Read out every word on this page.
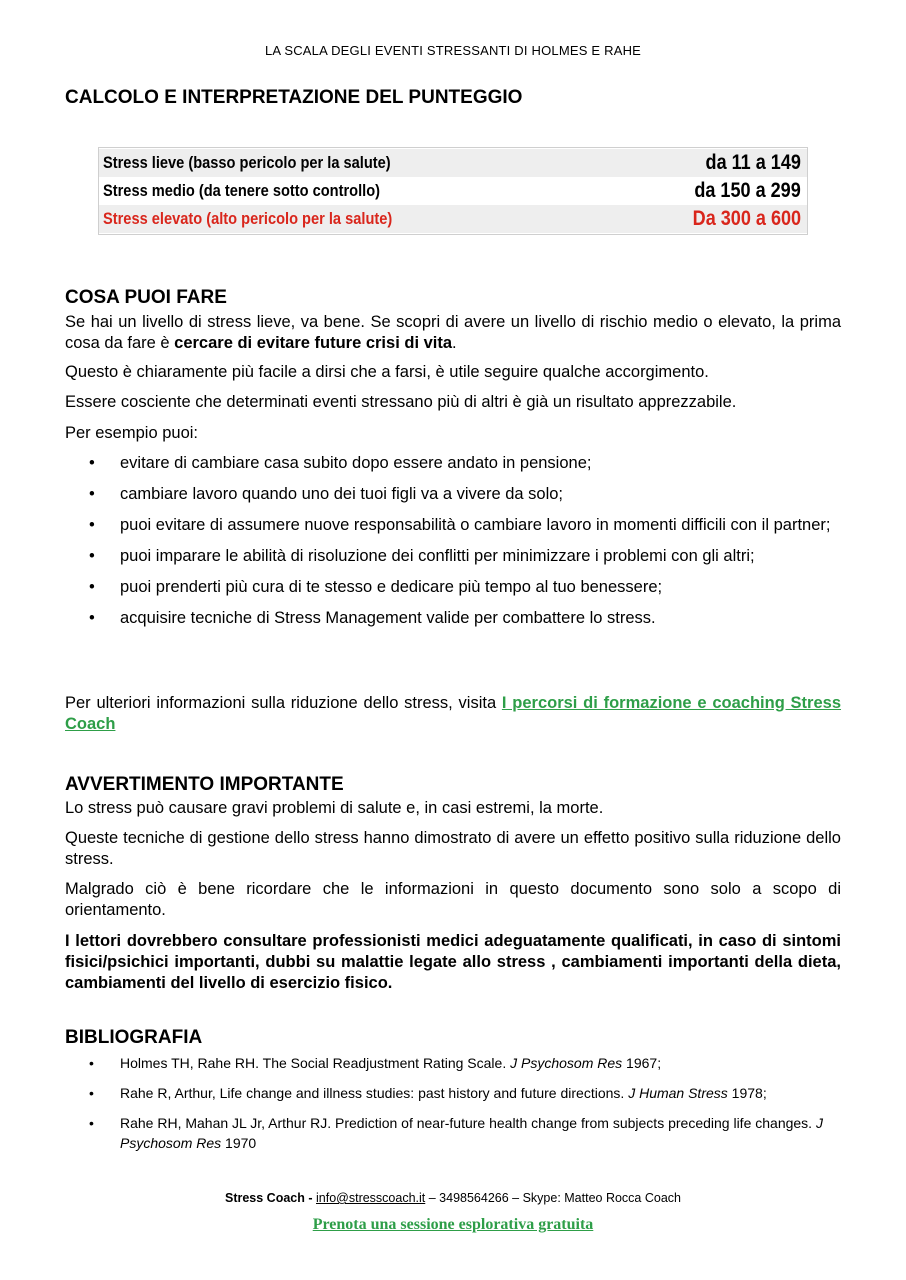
LA SCALA DEGLI EVENTI STRESSANTI DI HOLMES E RAHE
CALCOLO E INTERPRETAZIONE DEL PUNTEGGIO
Stress lieve (basso pericolo per la salute)	da 11 a 149
Stress medio (da tenere sotto controllo)	da 150 a 299
Stress elevato (alto pericolo per la salute)	Da 300 a 600
COSA PUOI FARE

Se hai un livello di stress lieve, va bene. Se scopri di avere un livello di rischio medio o elevato, la prima cosa da fare è cercare di evitare future crisi di vita.

Questo è chiaramente più facile a dirsi che a farsi, è utile seguire qualche accorgimento.

Essere cosciente che determinati eventi stressano più di altri è già un risultato apprezzabile.

Per esempio puoi:

• evitare di cambiare casa subito dopo essere andato in pensione;
• cambiare lavoro quando uno dei tuoi figli va a vivere da solo;
• puoi evitare di assumere nuove responsabilità o cambiare lavoro in momenti difficili con il partner;
• puoi imparare le abilità di risoluzione dei conflitti per minimizzare i problemi con gli altri;
• puoi prenderti più cura di te stesso e dedicare più tempo al tuo benessere;
• acquisire tecniche di Stress Management valide per combattere lo stress.

Per ulteriori informazioni sulla riduzione dello stress, visita I percorsi di formazione e coaching Stress Coach

AVVERTIMENTO IMPORTANTE

Lo stress può causare gravi problemi di salute e, in casi estremi, la morte.

Queste tecniche di gestione dello stress hanno dimostrato di avere un effetto positivo sulla riduzione dello stress.

Malgrado ciò è bene ricordare che le informazioni in questo documento sono solo a scopo di orientamento.

I lettori dovrebbero consultare professionisti medici adeguatamente qualificati, in caso di sintomi fisici/psichici importanti, dubbi su malattie legate allo stress , cambiamenti importanti della dieta, cambiamenti del livello di esercizio fisico.

BIBLIOGRAFIA
• Holmes TH, Rahe RH. The Social Readjustment Rating Scale. J Psychosom Res 1967;
• Rahe R, Arthur, Life change and illness studies: past history and future directions. J Human Stress 1978;
• Rahe RH, Mahan JL Jr, Arthur RJ. Prediction of near-future health change from subjects preceding life changes. J Psychosom Res 1970
Stress Coach - info@stresscoach.it – 3498564266 – Skype: Matteo Rocca Coach
Prenota una sessione esplorativa gratuita
